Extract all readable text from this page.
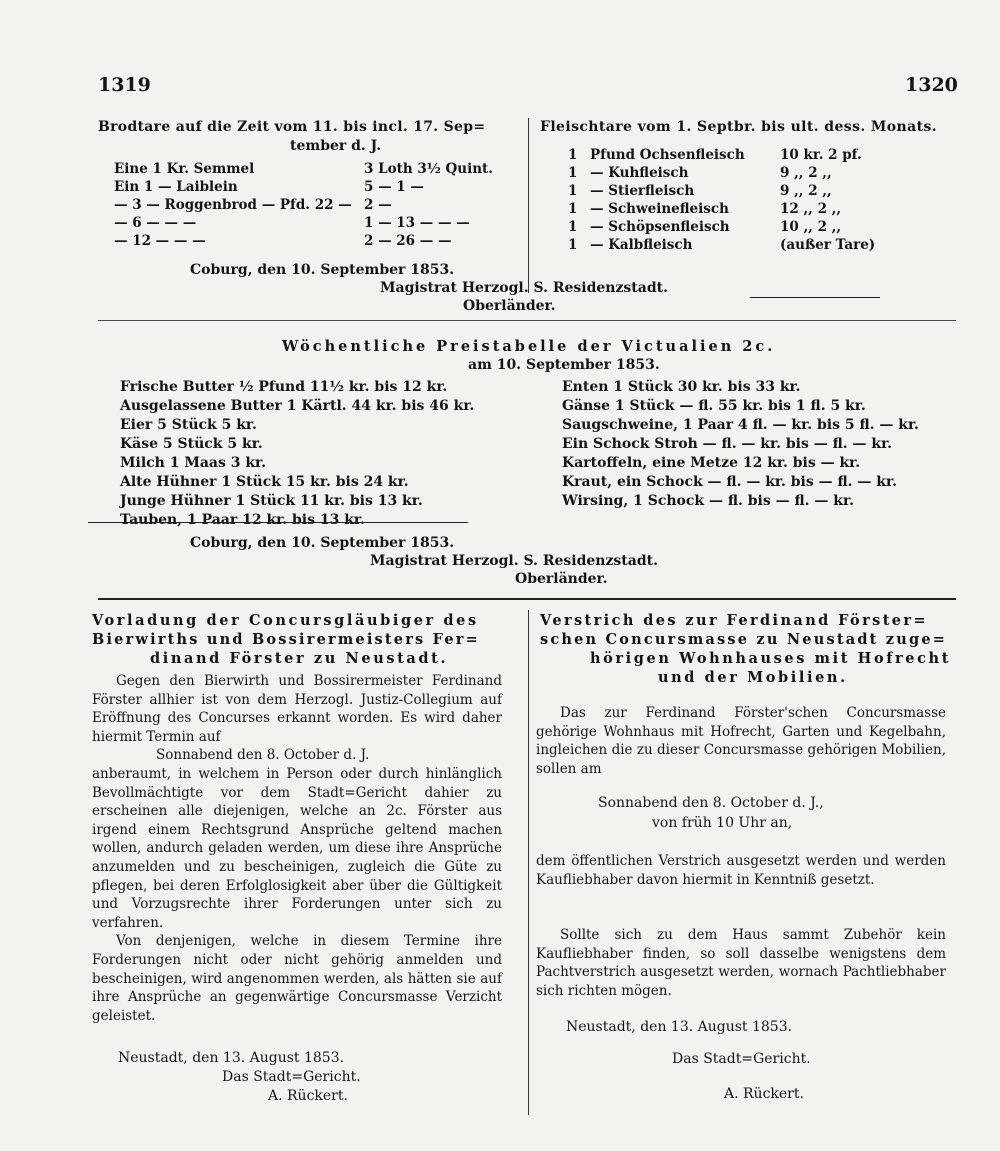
1319	1320
Brodtare auf die Zeit vom 11. bis incl. 17. Sep=
tember d. J.
Eine 1 Kr. Semmel	3 Loth 3½ Quint.
Ein 1 — Laiblein	5 — 1 —
— 3 — Roggenbrod — Pfd. 22 —	2 —
— 6 — — —	1 — 13 — — —
— 12 — — —	2 — 26 — —
Coburg, den 10. September 1853.
Magistrat Herzogl. S. Residenzstadt.
Oberländer.
Fleischtare vom 1. Septbr. bis ult. dess. Monats.
1	Pfund Ochsenfleisch	10 kr. 2 pf.
1	— Kuhfleisch	9 ,, 2 ,,
1	— Stierfleisch	9 ,, 2 ,,
1	— Schweinefleisch	12 ,, 2 ,,
1	— Schöpsenfleisch	10 ,, 2 ,,
1	— Kalbfleisch	(außer Tare)
Wöchentliche Preistabelle der Victualien 2c.
am 10. September 1853.
Frische Butter ½ Pfund 11½ kr. bis 12 kr.
Ausgelassene Butter 1 Kärtl. 44 kr. bis 46 kr.
Eier 5 Stück 5 kr.
Käse 5 Stück 5 kr.
Milch 1 Maas 3 kr.
Alte Hühner 1 Stück 15 kr. bis 24 kr.
Junge Hühner 1 Stück 11 kr. bis 13 kr.
Tauben, 1 Paar 12 kr. bis 13 kr.
Enten 1 Stück 30 kr. bis 33 kr.
Gänse 1 Stück — fl. 55 kr. bis 1 fl. 5 kr.
Saugschweine, 1 Paar 4 fl. — kr. bis 5 fl. — kr.
Ein Schock Stroh — fl. — kr. bis — fl. — kr.
Kartoffeln, eine Metze 12 kr. bis — kr.
Kraut, ein Schock — fl. — kr. bis — fl. — kr.
Wirsing, 1 Schock — fl. bis — fl. — kr.
Coburg, den 10. September 1853.
Magistrat Herzogl. S. Residenzstadt.
Oberländer.
Vorladung der Concursgläubiger des
Bierwirths und Bossirermeisters Fer=
dinand Förster zu Neustadt.

Gegen den Bierwirth und Bossirermeister Ferdinand Förster allhier ist von dem Herzogl. Justiz-Collegium auf Eröffnung des Concurses erkannt worden. Es wird daher hiermit Termin auf

Sonnabend den 8. October d. J.
anberaumt, in welchem in Person oder durch hinlänglich Bevollmächtigte vor dem Stadt=Gericht dahier zu erscheinen alle diejenigen, welche an 2c. Förster aus irgend einem Rechtsgrund Ansprüche geltend machen wollen, andurch geladen werden, um diese ihre Ansprüche anzumelden und zu bescheinigen, zugleich die Güte zu pflegen, bei deren Erfolglosigkeit aber über die Gültigkeit und Vorzugsrechte ihrer Forderungen unter sich zu verfahren.

Von denjenigen, welche in diesem Termine ihre Forderungen nicht oder nicht gehörig anmelden und bescheinigen, wird angenommen werden, als hätten sie auf ihre Ansprüche an gegenwärtige Concursmasse Verzicht geleistet.

Neustadt, den 13. August 1853.
Das Stadt=Gericht.
A. Rückert.
Verstrich des zur Ferdinand Förster=
schen Concursmasse zu Neustadt zuge=
hörigen Wohnhauses mit Hofrecht
und der Mobilien.

Das zur Ferdinand Förster'schen Concursmasse gehörige Wohnhaus mit Hofrecht, Garten und Kegelbahn, ingleichen die zu dieser Concursmasse gehörigen Mobilien, sollen am

Sonnabend den 8. October d. J.,
von früh 10 Uhr an,
dem öffentlichen Verstrich ausgesetzt werden und werden Kaufliebhaber davon hiermit in Kenntniß gesetzt.

Sollte sich zu dem Haus sammt Zubehör kein Kaufliebhaber finden, so soll dasselbe wenigstens dem Pachtverstrich ausgesetzt werden, wornach Pachtliebhaber sich richten mögen.

Neustadt, den 13. August 1853.
Das Stadt=Gericht.
A. Rückert.
